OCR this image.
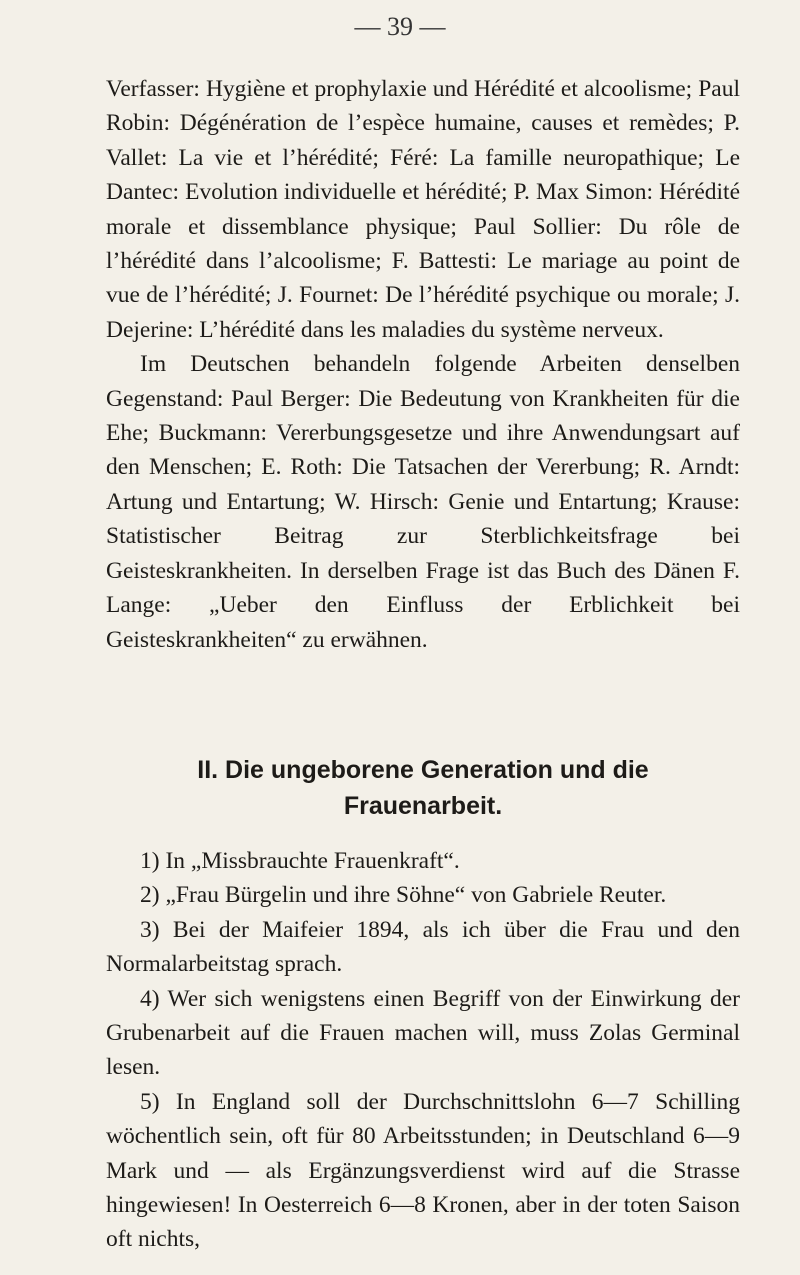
— 39 —

Verfasser: Hygiène et prophylaxie und Hérédité et alcoolisme; Paul Robin: Dégénération de l’espèce humaine, causes et remèdes; P. Vallet: La vie et l’hérédité; Féré: La famille neuropathique; Le Dantec: Evolution individuelle et hérédité; P. Max Simon: Hérédité morale et dissemblance physique; Paul Sollier: Du rôle de l’hérédité dans l’alcoolisme; F. Battesti: Le mariage au point de vue de l’hérédité; J. Fournet: De l’hérédité psychique ou morale; J. Dejerine: L’hérédité dans les maladies du système nerveux.

Im Deutschen behandeln folgende Arbeiten denselben Gegenstand: Paul Berger: Die Bedeutung von Krankheiten für die Ehe; Buckmann: Vererbungsgesetze und ihre Anwendungsart auf den Menschen; E. Roth: Die Tatsachen der Vererbung; R. Arndt: Artung und Entartung; W. Hirsch: Genie und Entartung; Krause: Statistischer Beitrag zur Sterblichkeitsfrage bei Geisteskrankheiten. In derselben Frage ist das Buch des Dänen F. Lange: „Ueber den Einfluss der Erblichkeit bei Geisteskrankheiten“ zu erwähnen.

II. Die ungeborene Generation und die
Frauenarbeit.

1) In „Missbrauchte Frauenkraft“.

2) „Frau Bürgelin und ihre Söhne“ von Gabriele Reuter.

3) Bei der Maifeier 1894, als ich über die Frau und den Normalarbeitstag sprach.

4) Wer sich wenigstens einen Begriff von der Einwirkung der Grubenarbeit auf die Frauen machen will, muss Zolas Germinal lesen.

5) In England soll der Durchschnittslohn 6—7 Schilling wöchentlich sein, oft für 80 Arbeitsstunden; in Deutschland 6—9 Mark und — als Ergänzungsverdienst wird auf die Strasse hingewiesen! In Oesterreich 6—8 Kronen, aber in der toten Saison oft nichts,
